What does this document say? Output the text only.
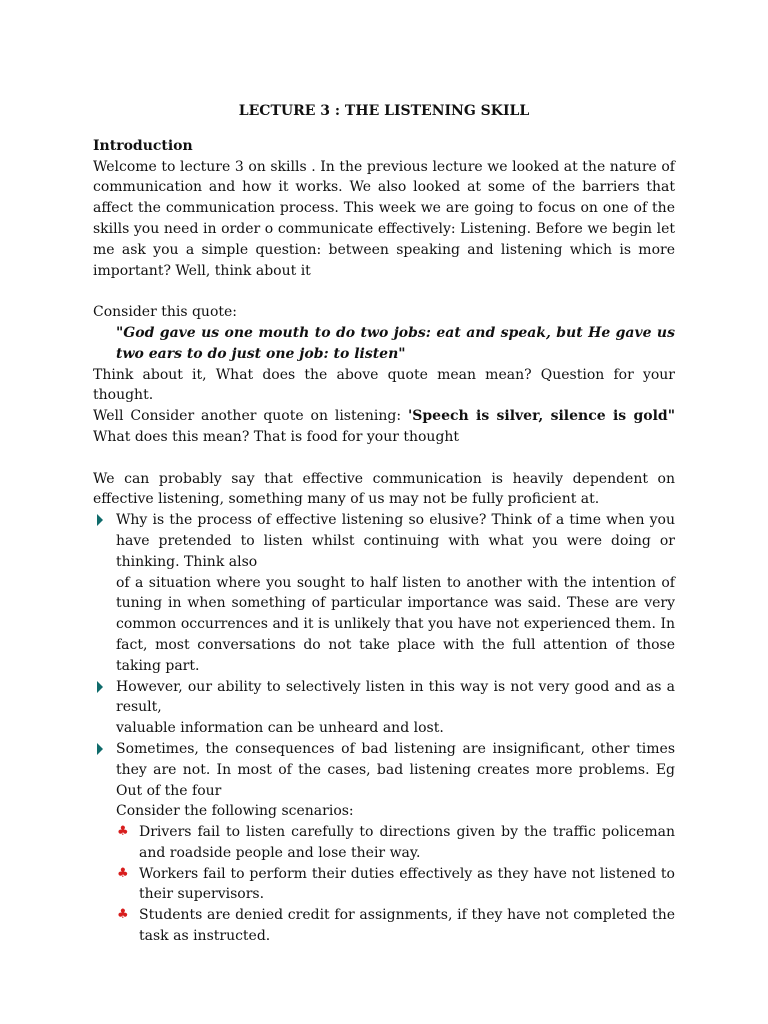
LECTURE 3 : THE LISTENING SKILL

Introduction

Welcome to lecture 3 on skills . In the previous lecture we looked at the nature of communication and how it works. We also looked at some of the barriers that affect the communication process. This week we are going to focus on one of the skills you need in order o communicate effectively: Listening. Before we begin let me ask you a simple question: between speaking and listening which is more important? Well, think about it

Consider this quote:

"God gave us one mouth to do two jobs: eat and speak, but He gave us two ears to do just one job: to listen"

Think about it, What does the above quote mean mean? Question for your thought.

Well Consider another quote on listening: 'Speech is silver, silence is gold" What does this mean? That is food for your thought

We can probably say that effective communication is heavily dependent on effective listening, something many of us may not be fully proficient at.

Why is the process of effective listening so elusive? Think of a time when you have pretended to listen whilst continuing with what you were doing or thinking. Think also
of a situation where you sought to half listen to another with the intention of tuning in when something of particular importance was said. These are very common occurrences and it is unlikely that you have not experienced them. In fact, most conversations do not take place with the full attention of those taking part.
However, our ability to selectively listen in this way is not very good and as a result,
valuable information can be unheard and lost.
Sometimes, the consequences of bad listening are insignificant, other times they are not. In most of the cases, bad listening creates more problems. Eg Out of the four
Consider the following scenarios:
♣ Drivers fail to listen carefully to directions given by the traffic policeman and roadside people and lose their way.
♣ Workers fail to perform their duties effectively as they have not listened to their supervisors.
♣ Students are denied credit for assignments, if they have not completed the task as instructed.
